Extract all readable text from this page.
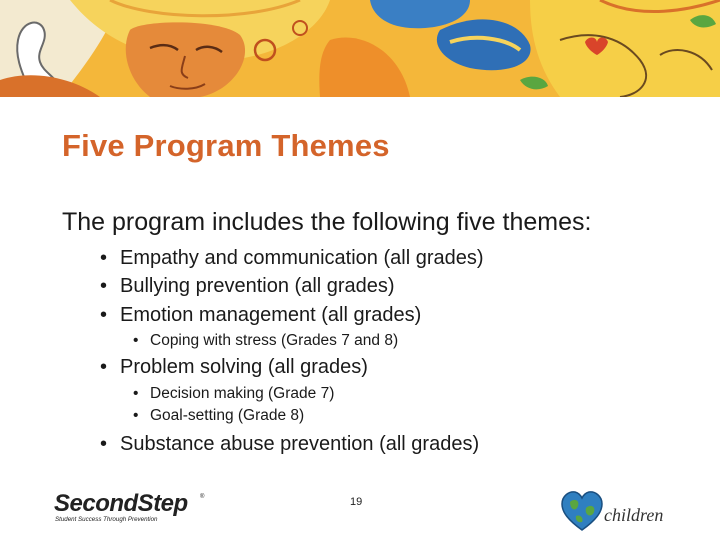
Five Program Themes
The program includes the following five themes:
• Empathy and communication (all grades)
• Bullying prevention (all grades)
• Emotion management (all grades)
• Coping with stress (Grades 7 and 8)
• Problem solving (all grades)
• Decision making (Grade 7)
• Goal-setting (Grade 8)
• Substance abuse prevention (all grades)
SecondStep ®
Student Success Through Prevention
19
children
